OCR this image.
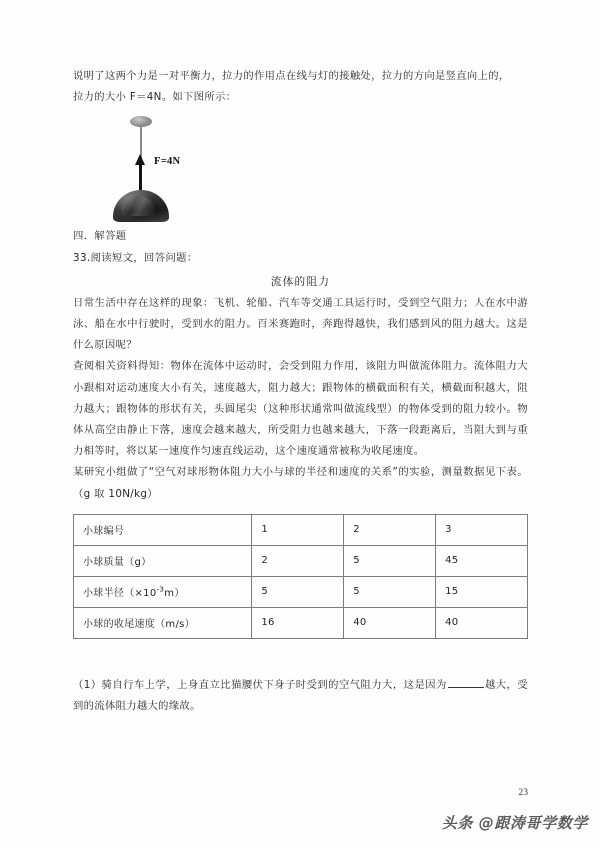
说明了这两个力是一对平衡力，拉力的作用点在线与灯的接触处，拉力的方向是竖直向上的，
拉力的大小 F＝4N。如下图所示：
F=4N
四．解答题
33.阅读短文，回答问题：
流体的阻力
日常生活中存在这样的现象：飞机、轮船、汽车等交通工具运行时，受到空气阻力；人在水中游泳、船在水中行驶时，受到水的阻力。百米赛跑时，奔跑得越快，我们感到风的阻力越大。这是什么原因呢？
查阅相关资料得知：物体在流体中运动时，会受到阻力作用，该阻力叫做流体阻力。流体阻力大小跟相对运动速度大小有关，速度越大，阻力越大；跟物体的横截面积有关，横截面积越大，阻力越大；跟物体的形状有关，头圆尾尖（这种形状通常叫做流线型）的物体受到的阻力较小。物体从高空由静止下落，速度会越来越大，所受阻力也越来越大，下落一段距离后，当阻大到与重力相等时，将以某一速度作匀速直线运动，这个速度通常被称为收尾速度。
某研究小组做了“空气对球形物体阻力大小与球的半径和速度的关系”的实验，测量数据见下表。（g 取 10N/kg）
小球编号	1	2	3
小球质量（g）	2	5	45
小球半径$(\times 10^{-3}m)$	5	5	15
小球的收尾速度（m/s）	16	40	40
（1）骑自行车上学，上身直立比猫腰伏下身子时受到的空气阻力大，这是因为	越大，受到的流体阻力越大的缘故。
23
头条 @跟涛哥学数学
